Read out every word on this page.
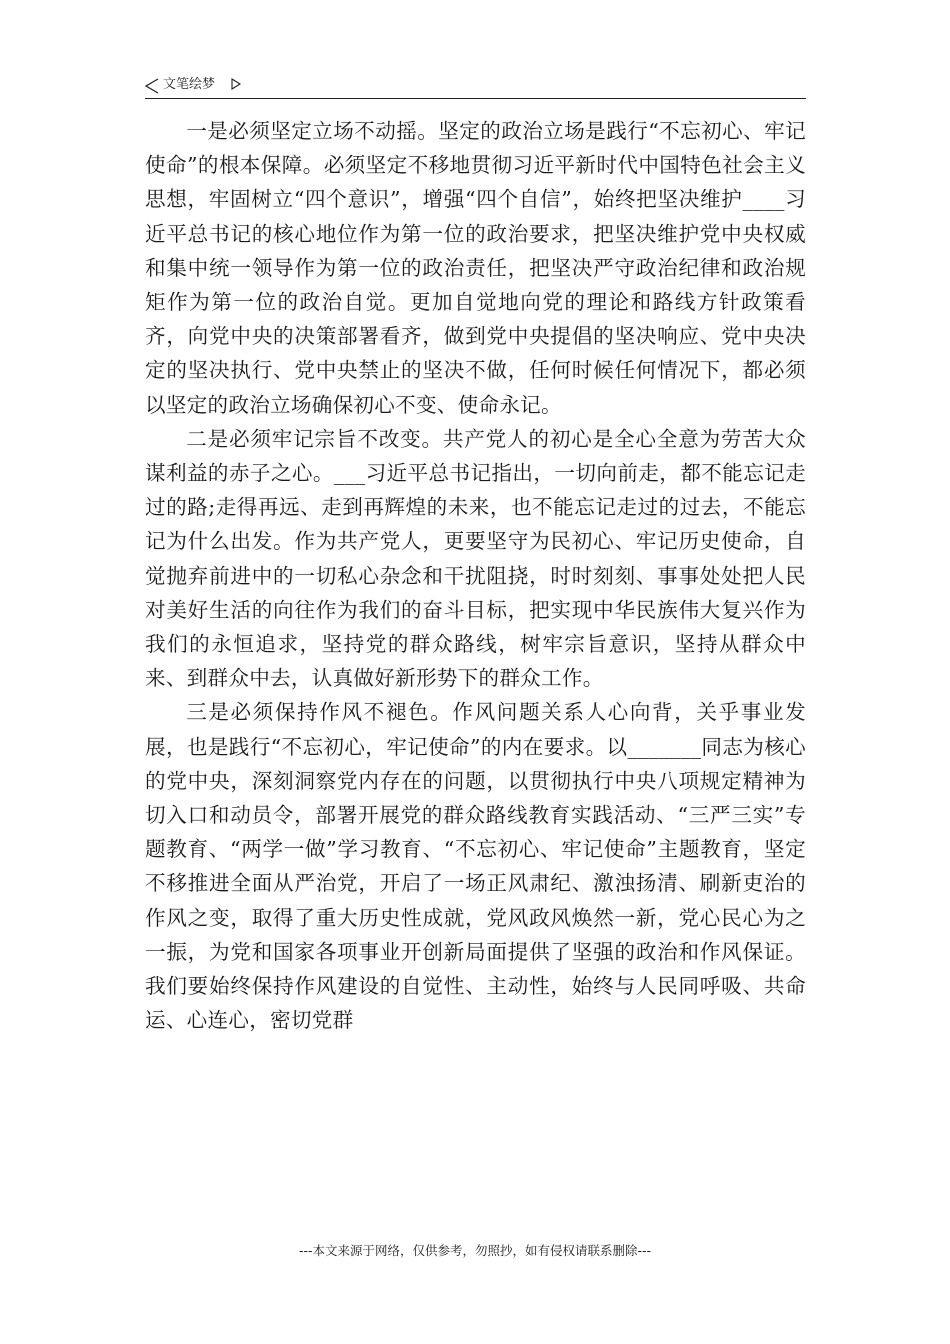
文笔绘梦

一是必须坚定立场不动摇。坚定的政治立场是践行“不忘初心、牢记使命”的根本保障。必须坚定不移地贯彻习近平新时代中国特色社会主义思想，牢固树立“四个意识”，增强“四个自信”，始终把坚决维护____习近平总书记的核心地位作为第一位的政治要求，把坚决维护党中央权威和集中统一领导作为第一位的政治责任，把坚决严守政治纪律和政治规矩作为第一位的政治自觉。更加自觉地向党的理论和路线方针政策看齐，向党中央的决策部署看齐，做到党中央提倡的坚决响应、党中央决定的坚决执行、党中央禁止的坚决不做，任何时候任何情况下，都必须以坚定的政治立场确保初心不变、使命永记。

二是必须牢记宗旨不改变。共产党人的初心是全心全意为劳苦大众谋利益的赤子之心。___习近平总书记指出，一切向前走，都不能忘记走过的路;走得再远、走到再辉煌的未来，也不能忘记走过的过去，不能忘记为什么出发。作为共产党人，更要坚守为民初心、牢记历史使命，自觉抛弃前进中的一切私心杂念和干扰阻挠，时时刻刻、事事处处把人民对美好生活的向往作为我们的奋斗目标，把实现中华民族伟大复兴作为我们的永恒追求，坚持党的群众路线，树牢宗旨意识，坚持从群众中来、到群众中去，认真做好新形势下的群众工作。

三是必须保持作风不褪色。作风问题关系人心向背，关乎事业发展，也是践行“不忘初心，牢记使命”的内在要求。以_______同志为核心的党中央，深刻洞察党内存在的问题，以贯彻执行中央八项规定精神为切入口和动员令，部署开展党的群众路线教育实践活动、“三严三实”专题教育、“两学一做”学习教育、“不忘初心、牢记使命”主题教育，坚定不移推进全面从严治党，开启了一场正风肃纪、激浊扬清、刷新吏治的作风之变，取得了重大历史性成就，党风政风焕然一新，党心民心为之一振，为党和国家各项事业开创新局面提供了坚强的政治和作风保证。我们要始终保持作风建设的自觉性、主动性，始终与人民同呼吸、共命运、心连心，密切党群

---本文来源于网络，仅供参考，勿照抄，如有侵权请联系删除---
